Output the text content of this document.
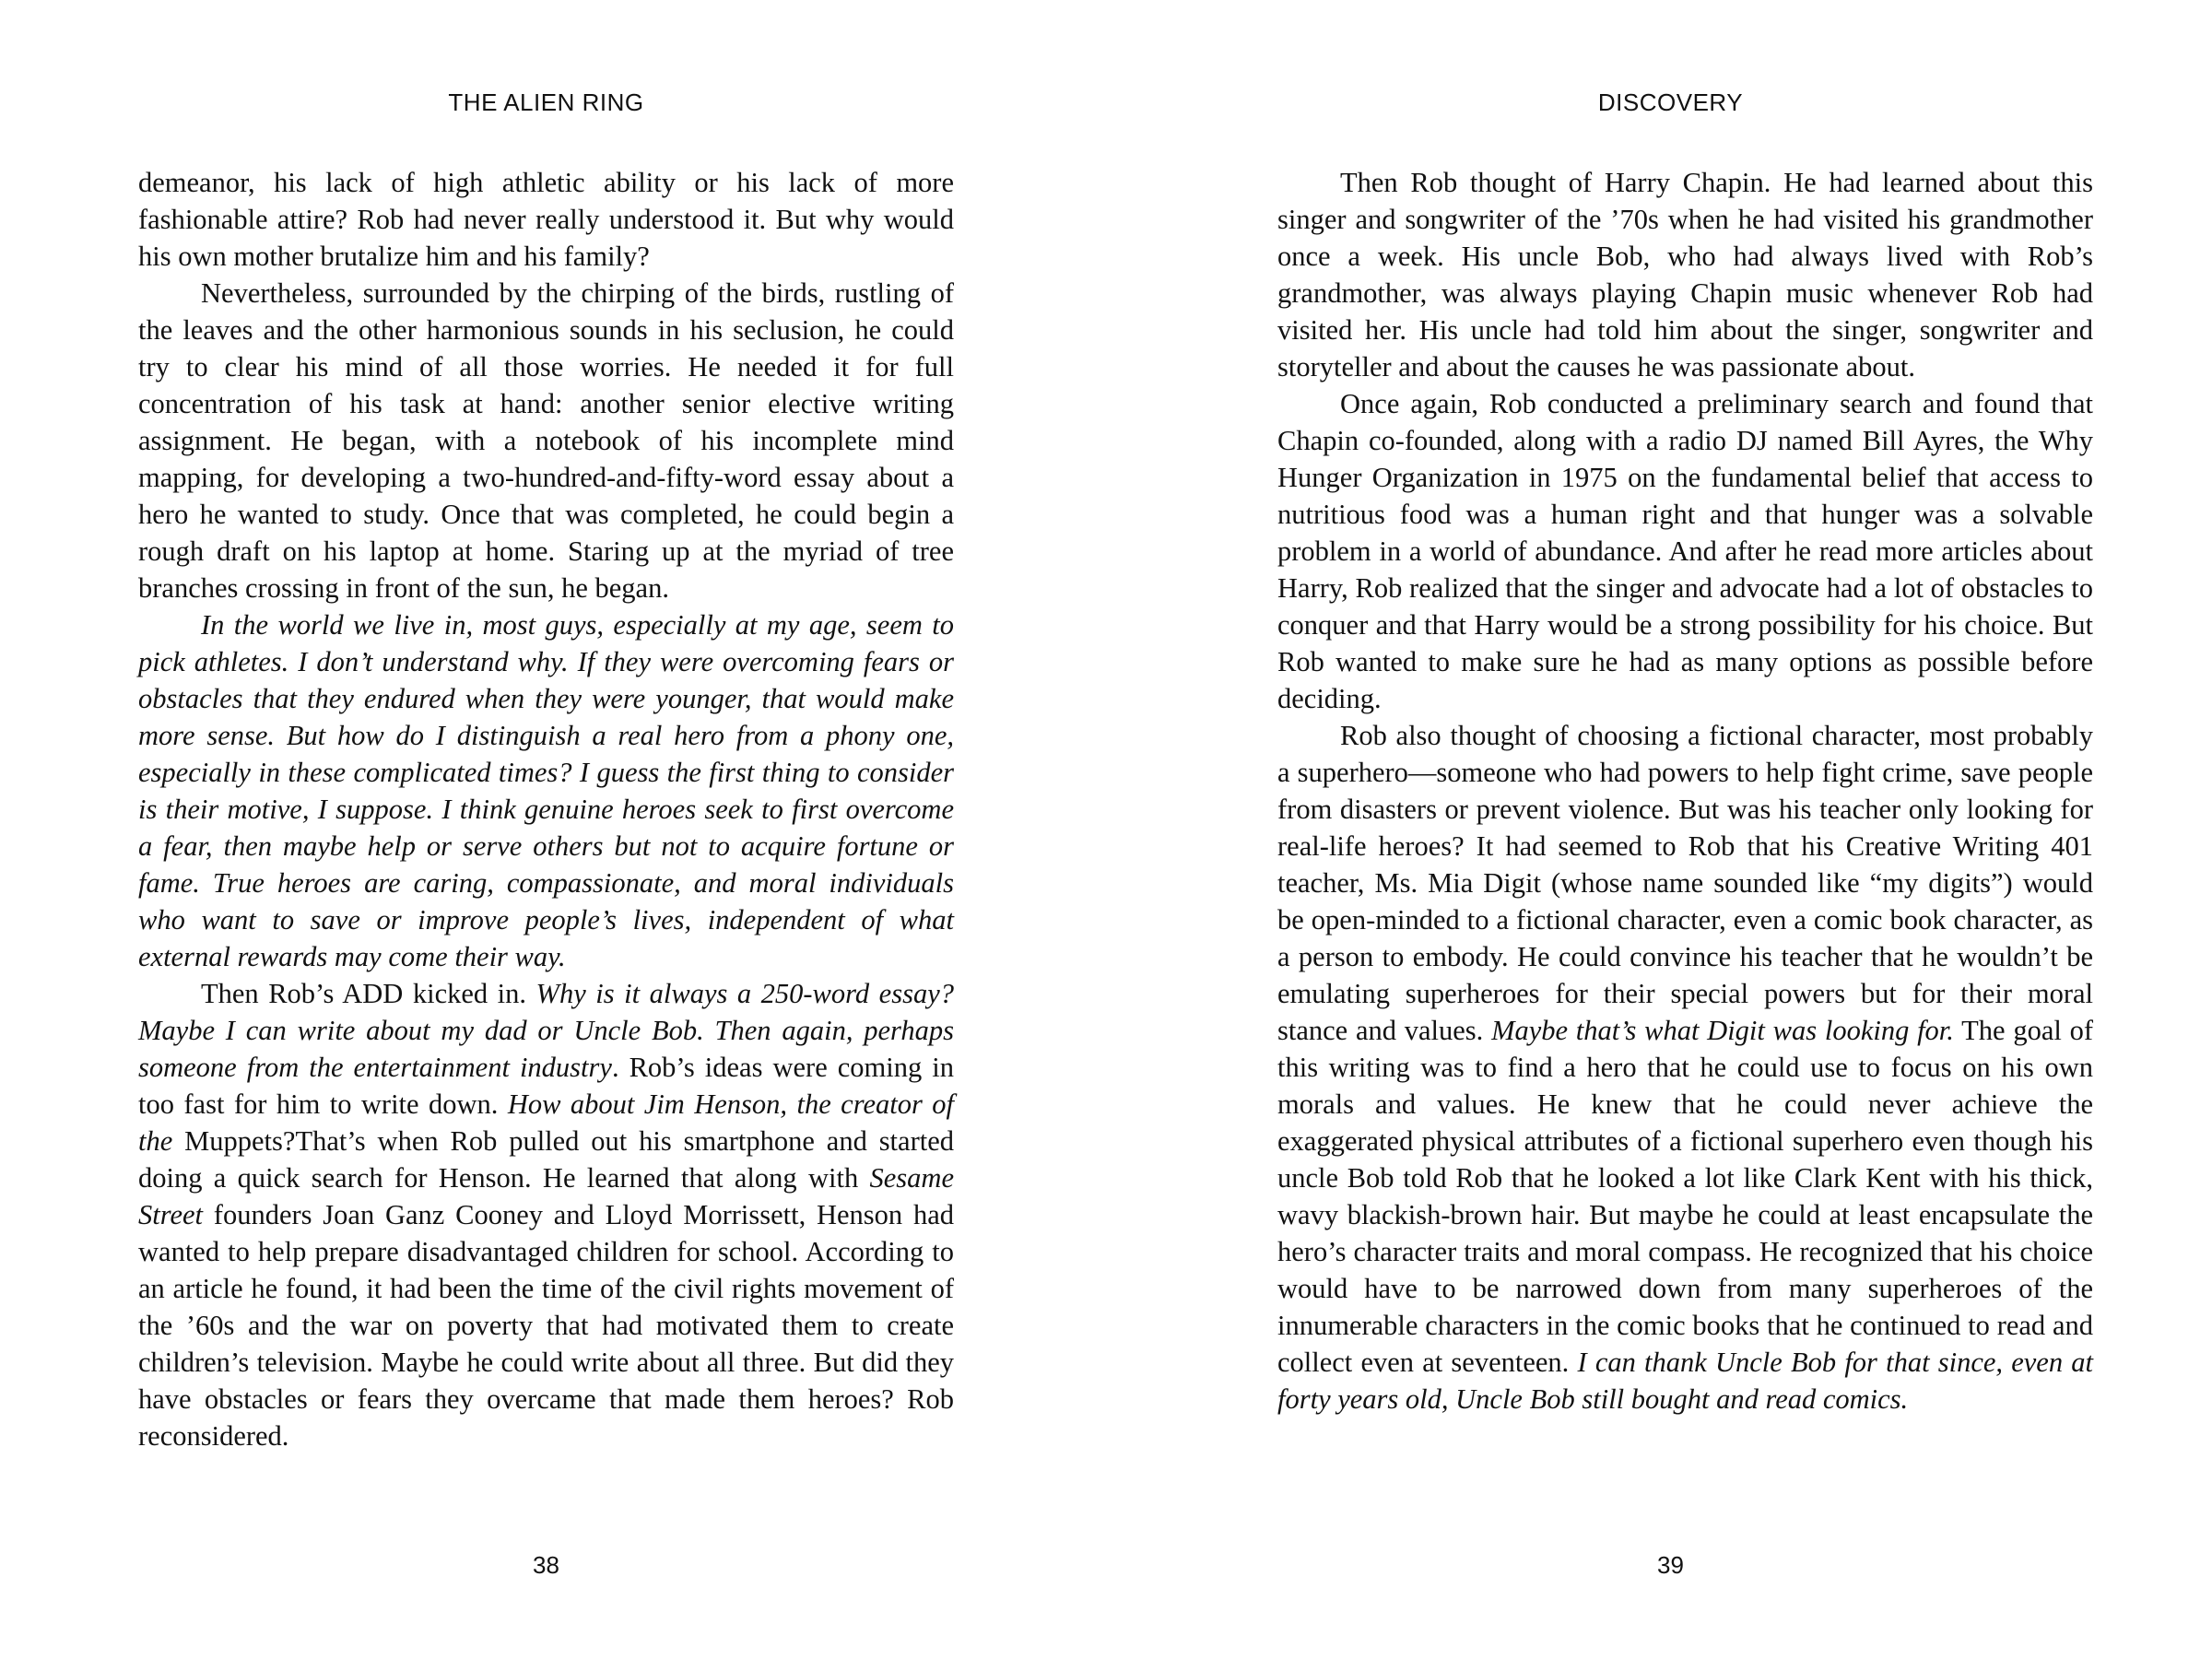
THE ALIEN RING

demeanor, his lack of high athletic ability or his lack of more fashionable attire? Rob had never really understood it. But why would his own mother brutalize him and his family?

Nevertheless, surrounded by the chirping of the birds, rustling of the leaves and the other harmonious sounds in his seclusion, he could try to clear his mind of all those worries. He needed it for full concentration of his task at hand: another senior elective writing assignment. He began, with a notebook of his incomplete mind mapping, for developing a two-hundred-and-fifty-word essay about a hero he wanted to study. Once that was completed, he could begin a rough draft on his laptop at home. Staring up at the myriad of tree branches crossing in front of the sun, he began.

In the world we live in, most guys, especially at my age, seem to pick athletes. I don’t understand why. If they were overcoming fears or obstacles that they endured when they were younger, that would make more sense. But how do I distinguish a real hero from a phony one, especially in these complicated times? I guess the first thing to consider is their motive, I suppose. I think genuine heroes seek to first overcome a fear, then maybe help or serve others but not to acquire fortune or fame. True heroes are caring, compassionate, and moral individuals who want to save or improve people’s lives, independent of what external rewards may come their way.

Then Rob’s ADD kicked in. Why is it always a 250-word essay? Maybe I can write about my dad or Uncle Bob. Then again, perhaps someone from the entertainment industry. Rob’s ideas were coming in too fast for him to write down. How about Jim Henson, the creator of the Muppets?That’s when Rob pulled out his smartphone and started doing a quick search for Henson. He learned that along with Sesame Street founders Joan Ganz Cooney and Lloyd Morrissett, Henson had wanted to help prepare disadvantaged children for school. According to an article he found, it had been the time of the civil rights movement of the ’60s and the war on poverty that had motivated them to create children’s television. Maybe he could write about all three. But did they have obstacles or fears they overcame that made them heroes? Rob reconsidered.

38
DISCOVERY

Then Rob thought of Harry Chapin. He had learned about this singer and songwriter of the ’70s when he had visited his grandmother once a week. His uncle Bob, who had always lived with Rob’s grandmother, was always playing Chapin music whenever Rob had visited her. His uncle had told him about the singer, songwriter and storyteller and about the causes he was passionate about.

Once again, Rob conducted a preliminary search and found that Chapin co-founded, along with a radio DJ named Bill Ayres, the Why Hunger Organization in 1975 on the fundamental belief that access to nutritious food was a human right and that hunger was a solvable problem in a world of abundance. And after he read more articles about Harry, Rob realized that the singer and advocate had a lot of obstacles to conquer and that Harry would be a strong possibility for his choice. But Rob wanted to make sure he had as many options as possible before deciding.

Rob also thought of choosing a fictional character, most probably a superhero—someone who had powers to help fight crime, save people from disasters or prevent violence. But was his teacher only looking for real-life heroes? It had seemed to Rob that his Creative Writing 401 teacher, Ms. Mia Digit (whose name sounded like “my digits”) would be open-minded to a fictional character, even a comic book character, as a person to embody. He could convince his teacher that he wouldn’t be emulating superheroes for their special powers but for their moral stance and values. Maybe that’s what Digit was looking for. The goal of this writing was to find a hero that he could use to focus on his own morals and values. He knew that he could never achieve the exaggerated physical attributes of a fictional superhero even though his uncle Bob told Rob that he looked a lot like Clark Kent with his thick, wavy blackish-brown hair. But maybe he could at least encapsulate the hero’s character traits and moral compass. He recognized that his choice would have to be narrowed down from many superheroes of the innumerable characters in the comic books that he continued to read and collect even at seventeen. I can thank Uncle Bob for that since, even at forty years old, Uncle Bob still bought and read comics.

39
